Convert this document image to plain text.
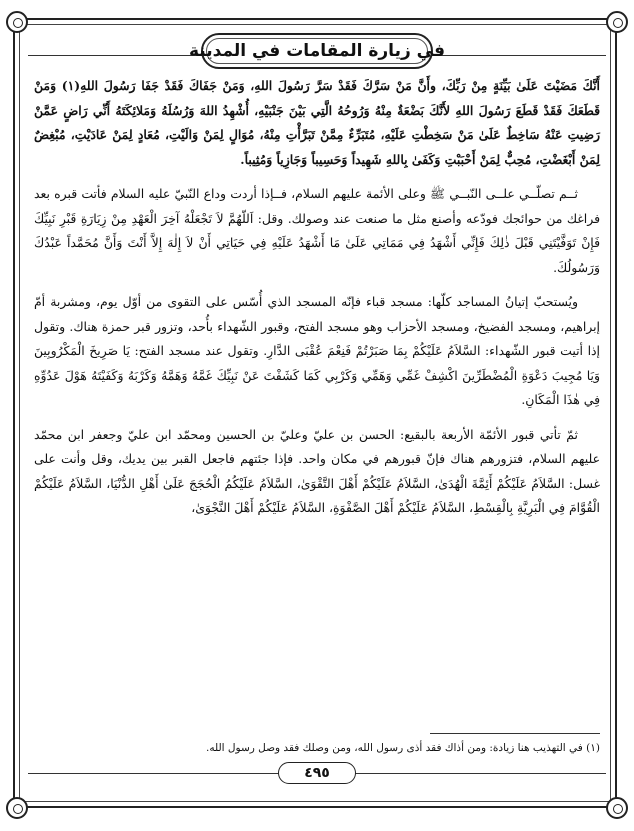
في زيارة المقامات في المدينة

أَنَّكَ مَضَيْتَ عَلَىٰ بَيِّنَةٍ مِنْ رَبِّكَ، وأَنَّ مَنْ سَرَّكَ فَقَدْ سَرَّ رَسُولَ اللهِ، وَمَنْ جَفَاكَ فَقَدْ جَفَا رَسُولَ اللهِ(١) وَمَنْ قَطَعَكَ فَقَدْ قَطَعَ رَسُولَ اللهِ لأَنَّكَ بَضْعَةٌ مِنْهُ وَرُوحُهُ الَّتِي بَيْنَ جَنْبَيْهِ، أُشْهِدُ اللهَ وَرُسُلَهُ وَمَلائِكَتَهُ أَنِّي رَاضٍ عَمَّنْ رَضِيتِ عَنْهُ سَاخِطٌ عَلَىٰ مَنْ سَخِطْتِ عَلَيْهِ، مُتَبَرِّءٌ مِمَّنْ تَبَرَّأْتِ مِنْهُ، مُوَالٍ لِمَنْ وَالَيْتِ، مُعَادٍ لِمَنْ عَادَيْتِ، مُبْغِضٌ لِمَنْ أَبْغَضْتِ، مُحِبٌّ لِمَنْ أَحْبَبْتِ وَكَفَىٰ بِاللهِ شَهِيداً وَحَسِيباً وَجَازِياً وَمُثِيباً.

ثــم تصلّــي علــى النّبــي ﷺ وعلى الأئمة عليهم السلام، فــإذا أردت وداع النّبيّ عليه السلام فأتت قبره بعد فراغك من حوائجك فودّعه وأصنع مثل ما صنعت عند وصولك. وقل: اَللّهُمَّ لاَ تَجْعَلْهُ آخِرَ الْعَهْدِ مِنْ زِيَارَةِ قَبْرِ نَبِيِّكَ فَإِنْ تَوَفَّيْتَنِي قَبْلَ ذٰلِكَ فَإِنِّي أَشْهَدُ فِي مَمَاتِي عَلَىٰ مَا أَشْهَدُ عَلَيْهِ فِي حَيَاتِي أَنْ لاَ إِلٰهَ إِلاَّ أَنْتَ وَأَنَّ مُحَمَّداً عَبْدُكَ وَرَسُولُكَ.

ويُستحبّ إتيانُ المساجد كلّها: مسجد قباء فإنّه المسجد الذي أُسّس على التقوى من أوّل يوم، ومشربة أمّ إبراهيم، ومسجد الفضيخ، ومسجد الأحزاب وهو مسجد الفتح، وقبور الشّهداء بأُحد، وتزور قبر حمزة هناك. وتقول إذا أتيت قبور الشّهداء: السَّلاَمُ عَلَيْكُمْ بِمَا صَبَرْتُمْ فَنِعْمَ عُقْبَى الدَّارِ. وتقول عند مسجد الفتح: يَا صَرِيخَ الْمَكْرُوبِينَ وَيَا مُجِيبَ دَعْوَةِ الْمُضْطَرِّينَ اكْشِفْ غَمِّي وَهَمِّي وَكَرْبِي كَمَا كَشَفْتَ عَنْ نَبِيِّكَ غَمَّهُ وَهَمَّهُ وَكَرْبَهُ وَكَفَيْتَهُ هَوْلَ عَدُوِّهِ فِي هٰذَا الْمَكَانِ.

ثمّ تأتي قبور الأئمّة الأربعة بالبقيع: الحسن بن عليّ وعليّ بن الحسين ومحمّد ابن عليّ وجعفر ابن محمّد عليهم السلام، فتزورهم هناك فإنّ قبورهم في مكان واحد. فإذا جئتهم فاجعل القبر بين يديك، وقل وأنت على غسل: السَّلاَمُ عَلَيْكُمْ أَئِمَّةَ الْهُدَىٰ، السَّلاَمُ عَلَيْكُمْ أَهْلَ التَّقْوَىٰ، السَّلاَمُ عَلَيْكُمُ الْحُجَجَ عَلَىٰ أَهْلِ الدُّنْيَا، السَّلاَمُ عَلَيْكُمْ الْقُوَّامَ فِي الْبَرِيَّةِ بِالْقِسْطِ، السَّلاَمُ عَلَيْكُمْ أَهْلَ الصَّفْوَةِ، السَّلاَمُ عَلَيْكُمْ أَهْلَ النَّجْوَىٰ،

(١) في التهذيب هنا زيادة: ومن أذاك فقد أذى رسول الله، ومن وصلك فقد وصل رسول الله.
٤٩٥
